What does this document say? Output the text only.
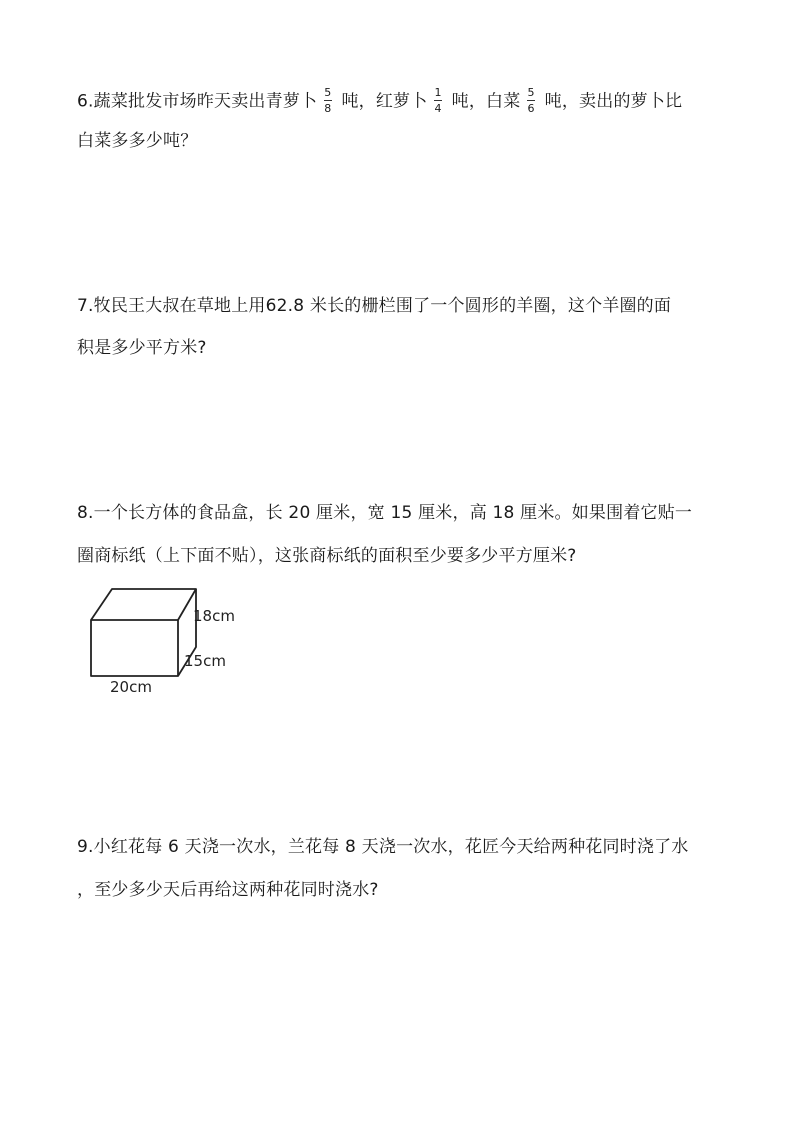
6.蔬菜批发市场昨天卖出青萝卜 $\frac{5}{8}$ 吨，红萝卜 $\frac{1}{4}$ 吨，白菜 $\frac{5}{6}$ 吨，卖出的萝卜比
白菜多多少吨？
7.牧民王大叔在草地上用62.8 米长的栅栏围了一个圆形的羊圈，这个羊圈的面
积是多少平方米?
8.一个长方体的食品盒，长 20 厘米，宽 15 厘米，高 18 厘米。如果围着它贴一
圈商标纸（上下面不贴），这张商标纸的面积至少要多少平方厘米?
18cm
15cm
20cm
9.小红花每 6 天浇一次水，兰花每 8 天浇一次水，花匠今天给两种花同时浇了水
，至少多少天后再给这两种花同时浇水?
